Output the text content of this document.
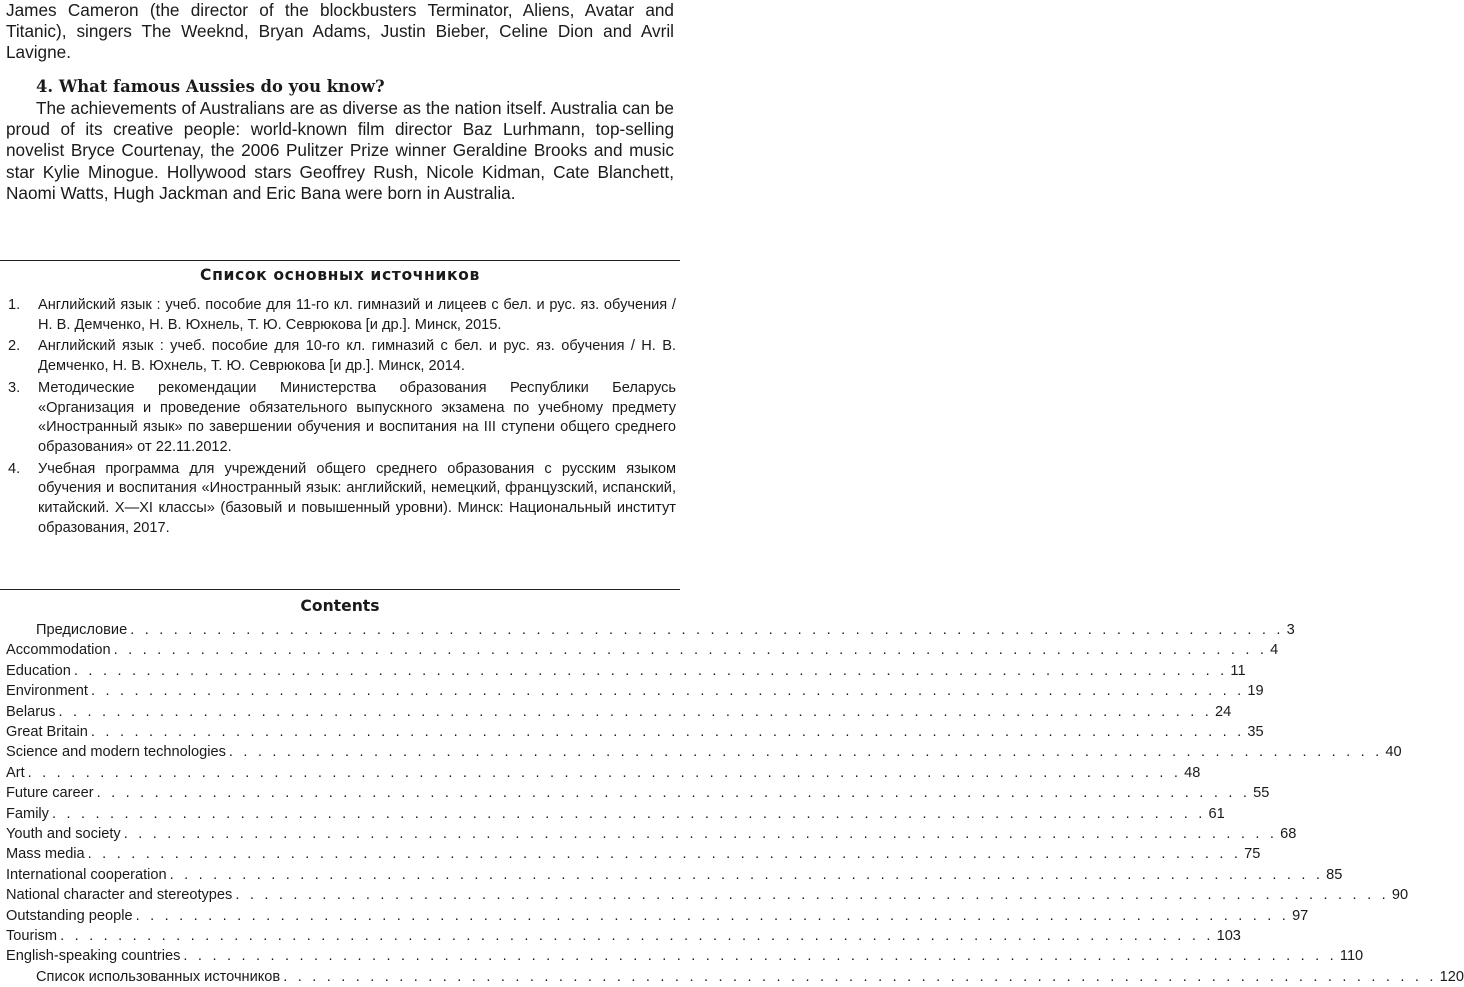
James Cameron (the director of the blockbusters Terminator, Aliens, Avatar and Titanic), singers The Weeknd, Bryan Adams, Justin Bieber, Celine Dion and Avril Lavigne.

4. What famous Aussies do you know?

The achievements of Australians are as diverse as the nation itself. Australia can be proud of its creative people: world-known film director Baz Lurhmann, top-selling novelist Bryce Courtenay, the 2006 Pulitzer Prize winner Geraldine Brooks and music star Kylie Minogue. Hollywood stars Geoffrey Rush, Nicole Kidman, Cate Blanchett, Naomi Watts, Hugh Jackman and Eric Bana were born in Australia.

Список основных источников
1. Английский язык : учеб. пособие для 11-го кл. гимназий и лицеев с бел. и рус. яз. обучения / Н. В. Демченко, Н. В. Юхнель, Т. Ю. Севрюкова [и др.]. Минск, 2015.
2. Английский язык : учеб. пособие для 10-го кл. гимназий с бел. и рус. яз. обучения / Н. В. Демченко, Н. В. Юхнель, Т. Ю. Севрюкова [и др.]. Минск, 2014.
3. Методические рекомендации Министерства образования Республики Беларусь «Организация и проведение обязательного выпускного экзамена по учебному предмету «Иностранный язык» по завершении обучения и воспитания на III ступени общего среднего образования» от 22.11.2012.
4. Учебная программа для учреждений общего среднего образования с русским языком обучения и воспитания «Иностранный язык: английский, немецкий, французский, испанский, китайский. X—XI классы» (базовый и повышенный уровни). Минск: Национальный институт образования, 2017.
Contents
Предисловие . . . . . . . . . . . . . . . . . . . . . . . . . . . . . . . . . . . . . . . . . . . . . . . . . . . . . . . . . . . . . . . . . . . . . . . . . . . . . . . . 3
Accommodation . . . . . . . . . . . . . . . . . . . . . . . . . . . . . . . . . . . . . . . . . . . . . . . . . . . . . . . . . . . . . . . . . . . . . . . . . . . . . . . . 4
Education . . . . . . . . . . . . . . . . . . . . . . . . . . . . . . . . . . . . . . . . . . . . . . . . . . . . . . . . . . . . . . . . . . . . . . . . . . . . . . . . 11
Environment . . . . . . . . . . . . . . . . . . . . . . . . . . . . . . . . . . . . . . . . . . . . . . . . . . . . . . . . . . . . . . . . . . . . . . . . . . . . . . . . 19
Belarus . . . . . . . . . . . . . . . . . . . . . . . . . . . . . . . . . . . . . . . . . . . . . . . . . . . . . . . . . . . . . . . . . . . . . . . . . . . . . . . . 24
Great Britain . . . . . . . . . . . . . . . . . . . . . . . . . . . . . . . . . . . . . . . . . . . . . . . . . . . . . . . . . . . . . . . . . . . . . . . . . . . . . . . . 35
Science and modern technologies . . . . . . . . . . . . . . . . . . . . . . . . . . . . . . . . . . . . . . . . . . . . . . . . . . . . . . . . . . . . . . . . . . . . . . . . . . . . . . . . 40
Art . . . . . . . . . . . . . . . . . . . . . . . . . . . . . . . . . . . . . . . . . . . . . . . . . . . . . . . . . . . . . . . . . . . . . . . . . . . . . . . . 48
Future career . . . . . . . . . . . . . . . . . . . . . . . . . . . . . . . . . . . . . . . . . . . . . . . . . . . . . . . . . . . . . . . . . . . . . . . . . . . . . . . . 55
Family . . . . . . . . . . . . . . . . . . . . . . . . . . . . . . . . . . . . . . . . . . . . . . . . . . . . . . . . . . . . . . . . . . . . . . . . . . . . . . . . 61
Youth and society . . . . . . . . . . . . . . . . . . . . . . . . . . . . . . . . . . . . . . . . . . . . . . . . . . . . . . . . . . . . . . . . . . . . . . . . . . . . . . . . 68
Mass media . . . . . . . . . . . . . . . . . . . . . . . . . . . . . . . . . . . . . . . . . . . . . . . . . . . . . . . . . . . . . . . . . . . . . . . . . . . . . . . . 75
International cooperation . . . . . . . . . . . . . . . . . . . . . . . . . . . . . . . . . . . . . . . . . . . . . . . . . . . . . . . . . . . . . . . . . . . . . . . . . . . . . . . . 85
National character and stereotypes . . . . . . . . . . . . . . . . . . . . . . . . . . . . . . . . . . . . . . . . . . . . . . . . . . . . . . . . . . . . . . . . . . . . . . . . . . . . . . . . 90
Outstanding people . . . . . . . . . . . . . . . . . . . . . . . . . . . . . . . . . . . . . . . . . . . . . . . . . . . . . . . . . . . . . . . . . . . . . . . . . . . . . . . . 97
Tourism . . . . . . . . . . . . . . . . . . . . . . . . . . . . . . . . . . . . . . . . . . . . . . . . . . . . . . . . . . . . . . . . . . . . . . . . . . . . . . . . 103
English-speaking countries . . . . . . . . . . . . . . . . . . . . . . . . . . . . . . . . . . . . . . . . . . . . . . . . . . . . . . . . . . . . . . . . . . . . . . . . . . . . . . . . 110
Список использованных источников . . . . . . . . . . . . . . . . . . . . . . . . . . . . . . . . . . . . . . . . . . . . . . . . . . . . . . . . . . . . . . . . . . . . . . . . . . . . . . . . 120
